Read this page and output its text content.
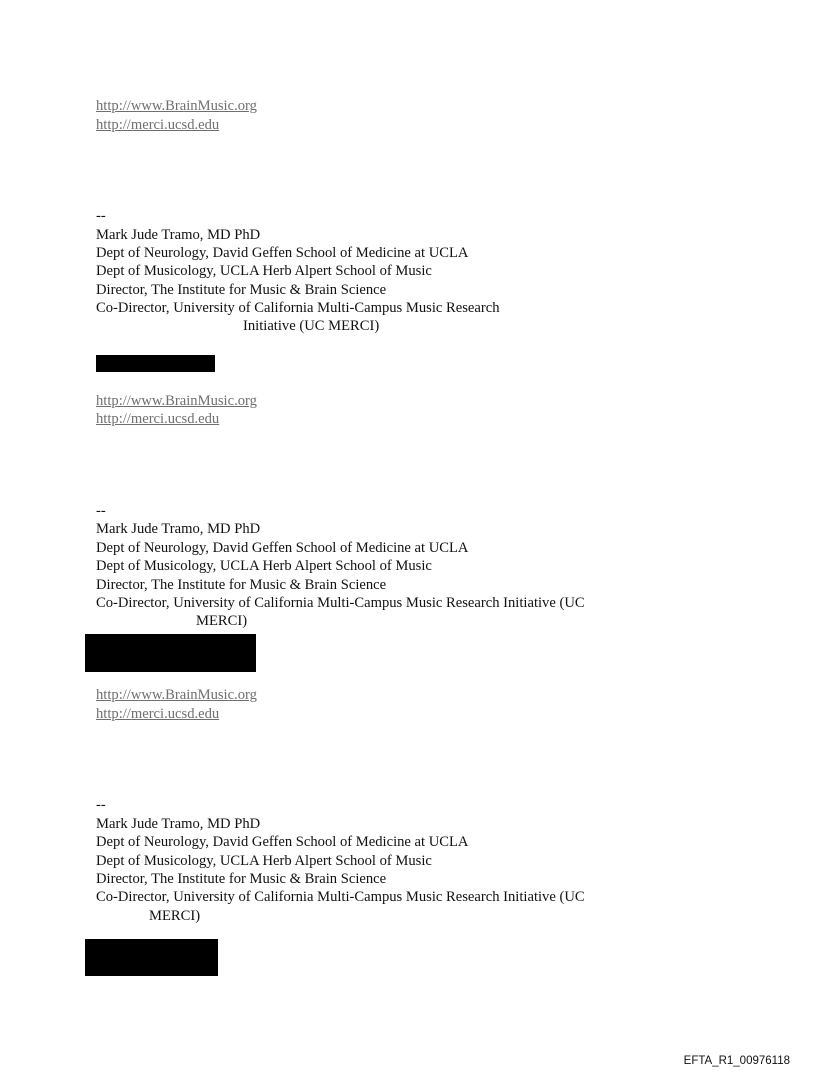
http://www.BrainMusic.org
http://merci.ucsd.edu
--
Mark Jude Tramo, MD PhD
Dept of Neurology, David Geffen School of Medicine at UCLA
Dept of Musicology, UCLA Herb Alpert School of Music
Director, The Institute for Music & Brain Science
Co-Director, University of California Multi-Campus Music Research
Initiative (UC MERCI)
http://www.BrainMusic.org
http://merci.ucsd.edu
--
Mark Jude Tramo, MD PhD
Dept of Neurology, David Geffen School of Medicine at UCLA
Dept of Musicology, UCLA Herb Alpert School of Music
Director, The Institute for Music & Brain Science
Co-Director, University of California Multi-Campus Music Research Initiative (UC
MERCI)
http://www.BrainMusic.org
http://merci.ucsd.edu
--
Mark Jude Tramo, MD PhD
Dept of Neurology, David Geffen School of Medicine at UCLA
Dept of Musicology, UCLA Herb Alpert School of Music
Director, The Institute for Music & Brain Science
Co-Director, University of California Multi-Campus Music Research Initiative (UC
MERCI)
EFTA_R1_00976118
